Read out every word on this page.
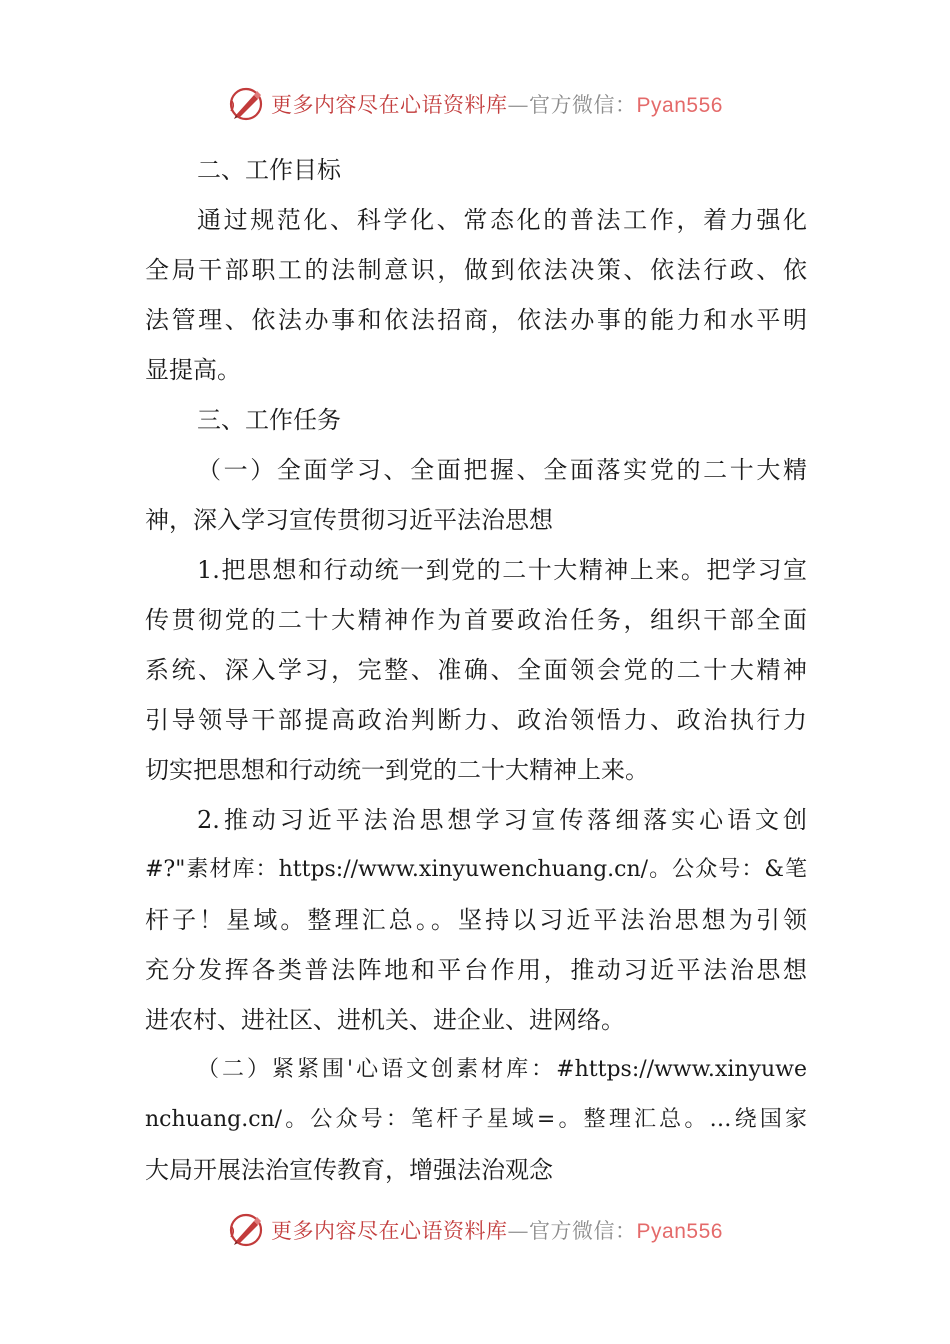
更多内容尽在心语资料库—官方微信：Pyan556
二、工作目标
通过规范化、科学化、常态化的普法工作，着力强化
全局干部职工的法制意识，做到依法决策、依法行政、依
法管理、依法办事和依法招商，依法办事的能力和水平明
显提高。
三、工作任务
（一）全面学习、全面把握、全面落实党的二十大精
神，深入学习宣传贯彻习近平法治思想
1.把思想和行动统一到党的二十大精神上来。把学习宣
传贯彻党的二十大精神作为首要政治任务，组织干部全面
系统、深入学习，完整、准确、全面领会党的二十大精神
引导领导干部提高政治判断力、政治领悟力、政治执行力
切实把思想和行动统一到党的二十大精神上来。
2.推动习近平法治思想学习宣传落细落实心语文创
#?"素材库：https://www.xinyuwenchuang.cn/。公众号：&笔
杆子！星域。整理汇总。。坚持以习近平法治思想为引领
充分发挥各类普法阵地和平台作用，推动习近平法治思想
进农村、进社区、进机关、进企业、进网络。
（二）紧紧围'心语文创素材库：#https://www.xinyuwe
nchuang.cn/。公众号：笔杆子星域=。整理汇总。…绕国家
大局开展法治宣传教育，增强法治观念
更多内容尽在心语资料库—官方微信：Pyan556
